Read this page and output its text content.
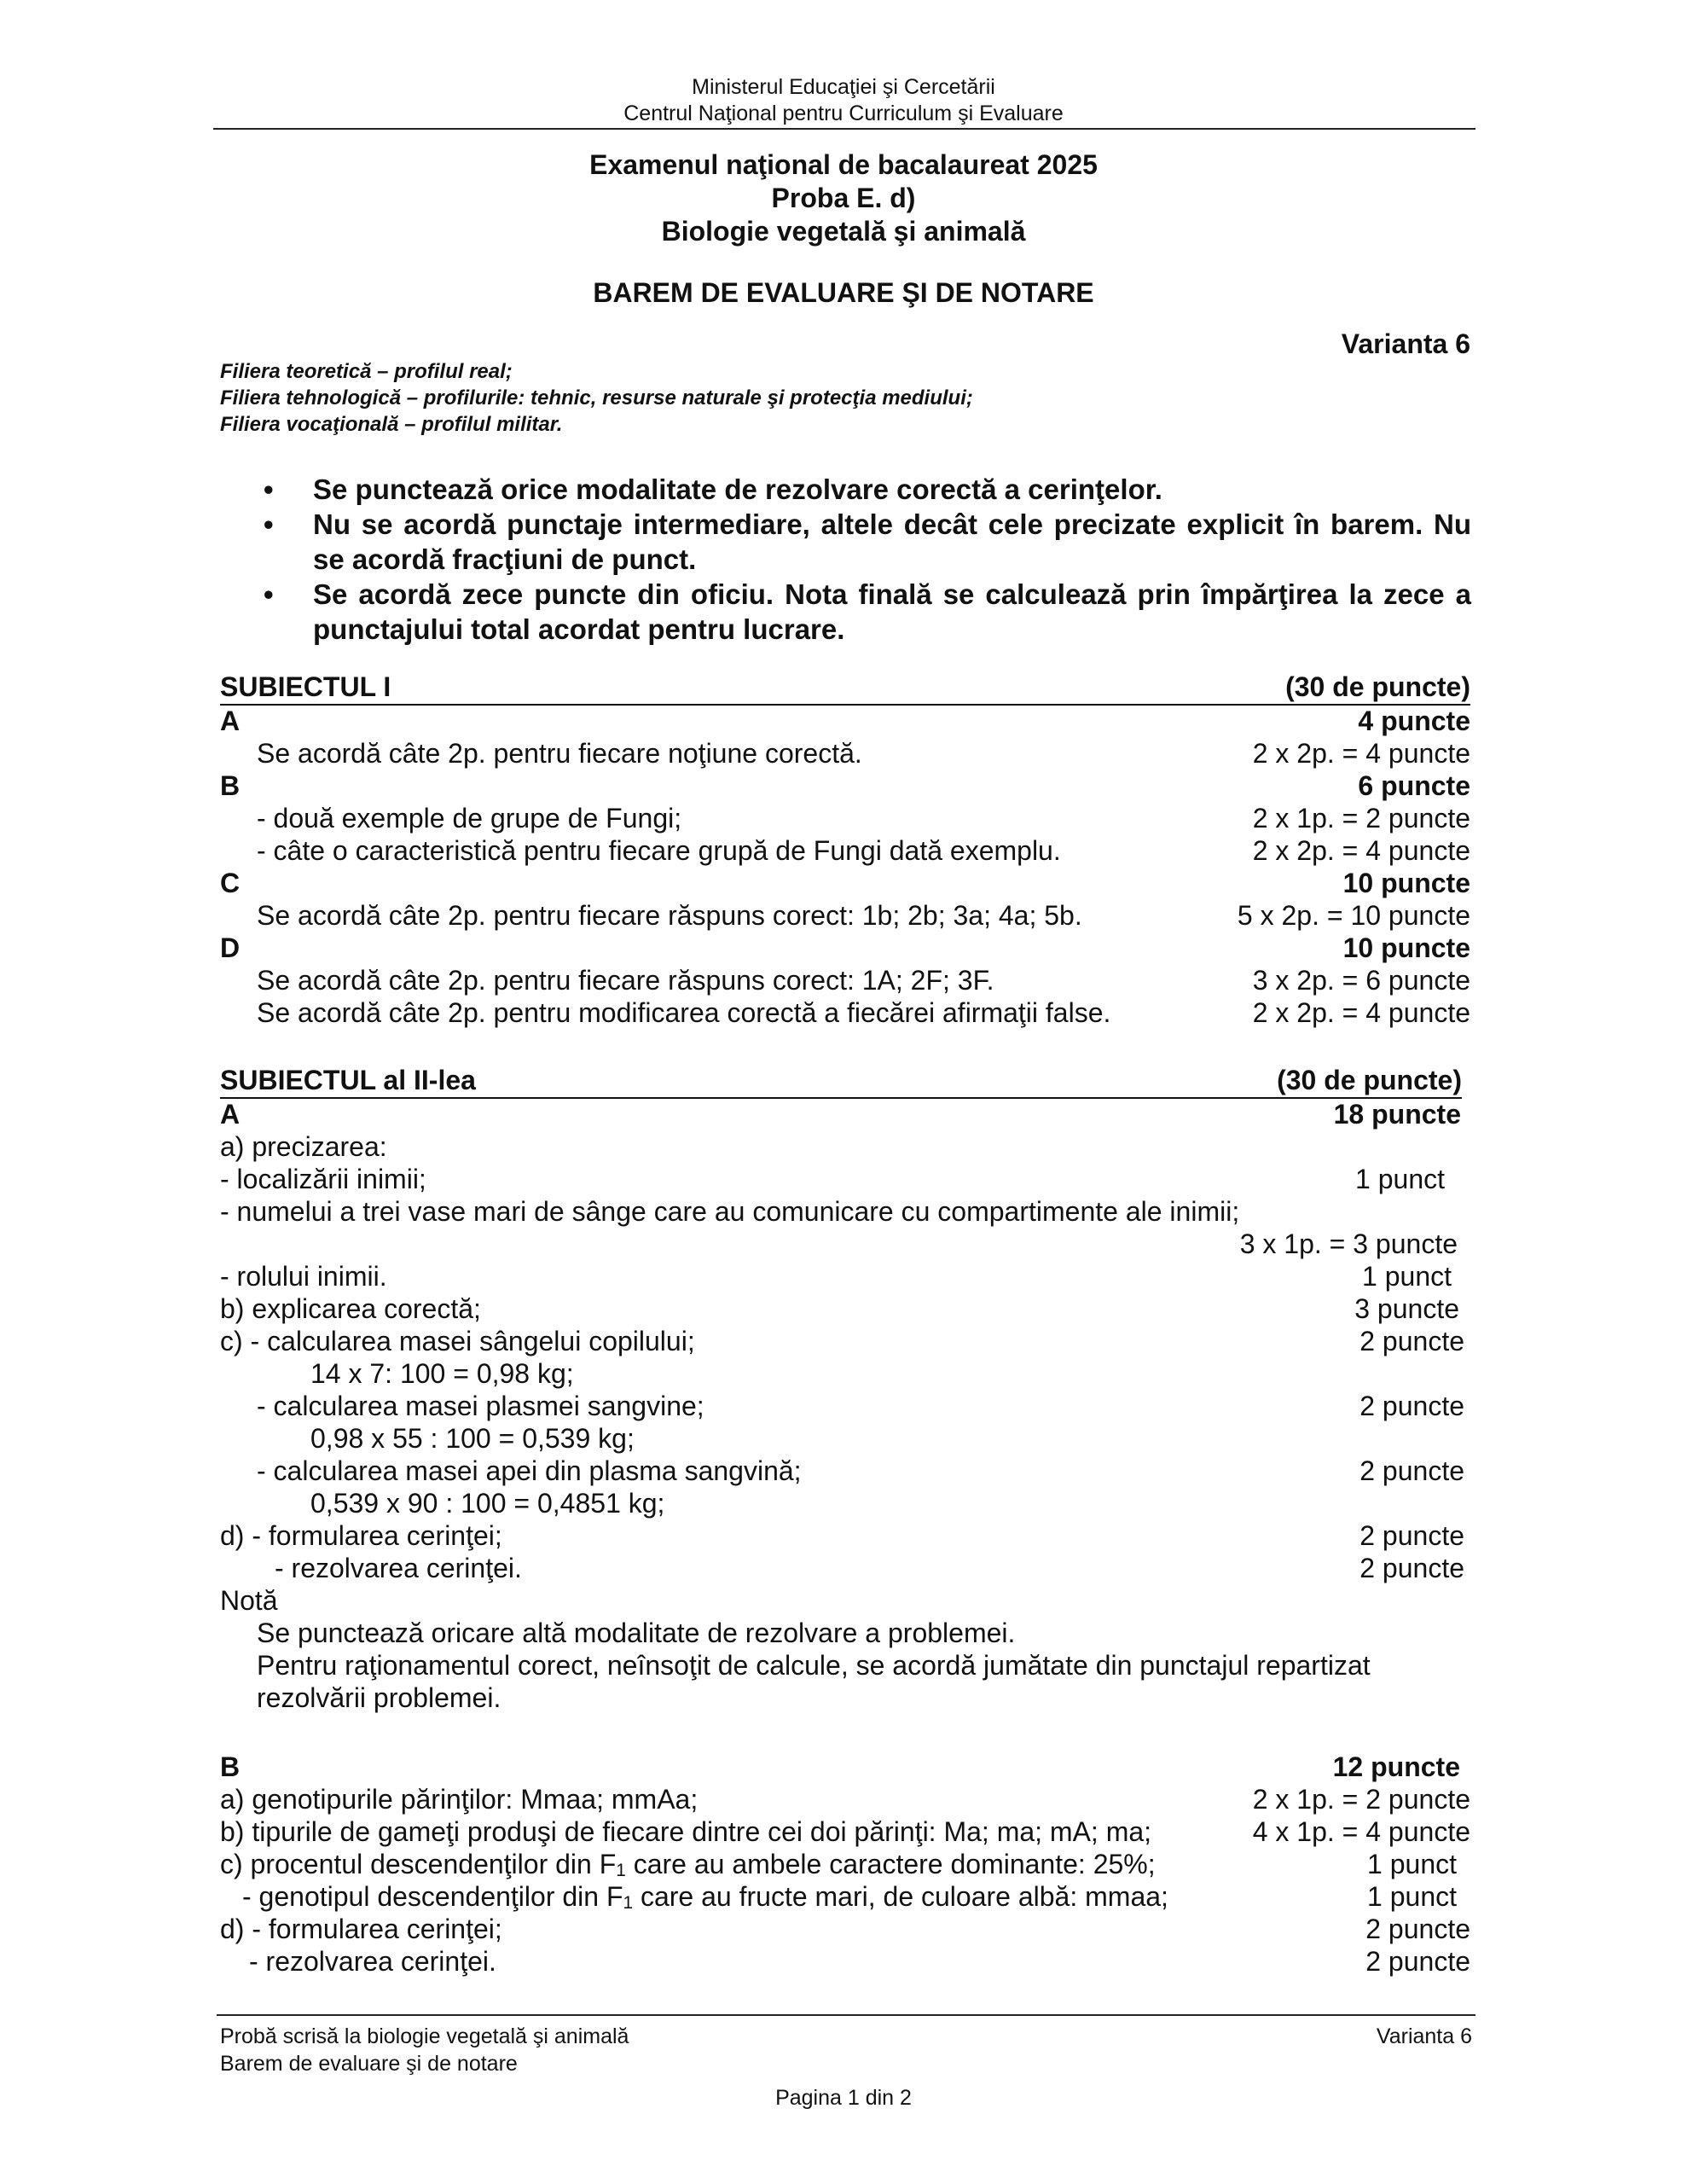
Ministerul Educaţiei şi Cercetării
Centrul Naţional pentru Curriculum şi Evaluare
Examenul naţional de bacalaureat 2025
Proba E. d)
Biologie vegetală şi animală
BAREM DE EVALUARE ŞI DE NOTARE
Varianta 6
Filiera teoretică – profilul real;
Filiera tehnologică – profilurile: tehnic, resurse naturale şi protecţia mediului;
Filiera vocaţională – profilul militar.
• Se punctează orice modalitate de rezolvare corectă a cerinţelor.
• Nu se acordă punctaje intermediare, altele decât cele precizate explicit în barem. Nu se acordă fracţiuni de punct.
• Se acordă zece puncte din oficiu. Nota finală se calculează prin împărţirea la zece a punctajului total acordat pentru lucrare.
SUBIECTUL I	(30 de puncte)
A	4 puncte
Se acordă câte 2p. pentru fiecare noţiune corectă.	2 x 2p. = 4 puncte
B	6 puncte
- două exemple de grupe de Fungi;	2 x 1p. = 2 puncte
- câte o caracteristică pentru fiecare grupă de Fungi dată exemplu.	2 x 2p. = 4 puncte
C	10 puncte
Se acordă câte 2p. pentru fiecare răspuns corect: 1b; 2b; 3a; 4a; 5b.	5 x 2p. = 10 puncte
D	10 puncte
Se acordă câte 2p. pentru fiecare răspuns corect: 1A; 2F; 3F.	3 x 2p. = 6 puncte
Se acordă câte 2p. pentru modificarea corectă a fiecărei afirmaţii false.	2 x 2p. = 4 puncte
SUBIECTUL al II-lea	(30 de puncte)
A	18 puncte
a) precizarea:
- localizării inimii;	1 punct
- numelui a trei vase mari de sânge care au comunicare cu compartimente ale inimii;
3 x 1p. = 3 puncte
- rolului inimii.	1 punct
b) explicarea corectă;	3 puncte
c) - calcularea masei sângelui copilului;	2 puncte
14 x 7: 100 = 0,98 kg;
- calcularea masei plasmei sangvine;	2 puncte
0,98 x 55 : 100 = 0,539 kg;
- calcularea masei apei din plasma sangvină;	2 puncte
0,539 x 90 : 100 = 0,4851 kg;
d) - formularea cerinţei;	2 puncte
- rezolvarea cerinţei.	2 puncte
Notă
Se punctează oricare altă modalitate de rezolvare a problemei.
Pentru raţionamentul corect, neînsoţit de calcule, se acordă jumătate din punctajul repartizat
rezolvării problemei.
B	12 puncte
a) genotipurile părinţilor: Mmaa; mmAa;	2 x 1p. = 2 puncte
b) tipurile de gameţi produşi de fiecare dintre cei doi părinţi: Ma; ma; mA; ma;	4 x 1p. = 4 puncte
c) procentul descendenţilor din $F_1$ care au ambele caractere dominante: 25%;	1 punct
- genotipul descendenţilor din $F_1$ care au fructe mari, de culoare albă: mmaa;	1 punct
d) - formularea cerinţei;	2 puncte
- rezolvarea cerinţei.	2 puncte
Probă scrisă la biologie vegetală şi animală	Varianta 6
Barem de evaluare şi de notare
Pagina 1 din 2
